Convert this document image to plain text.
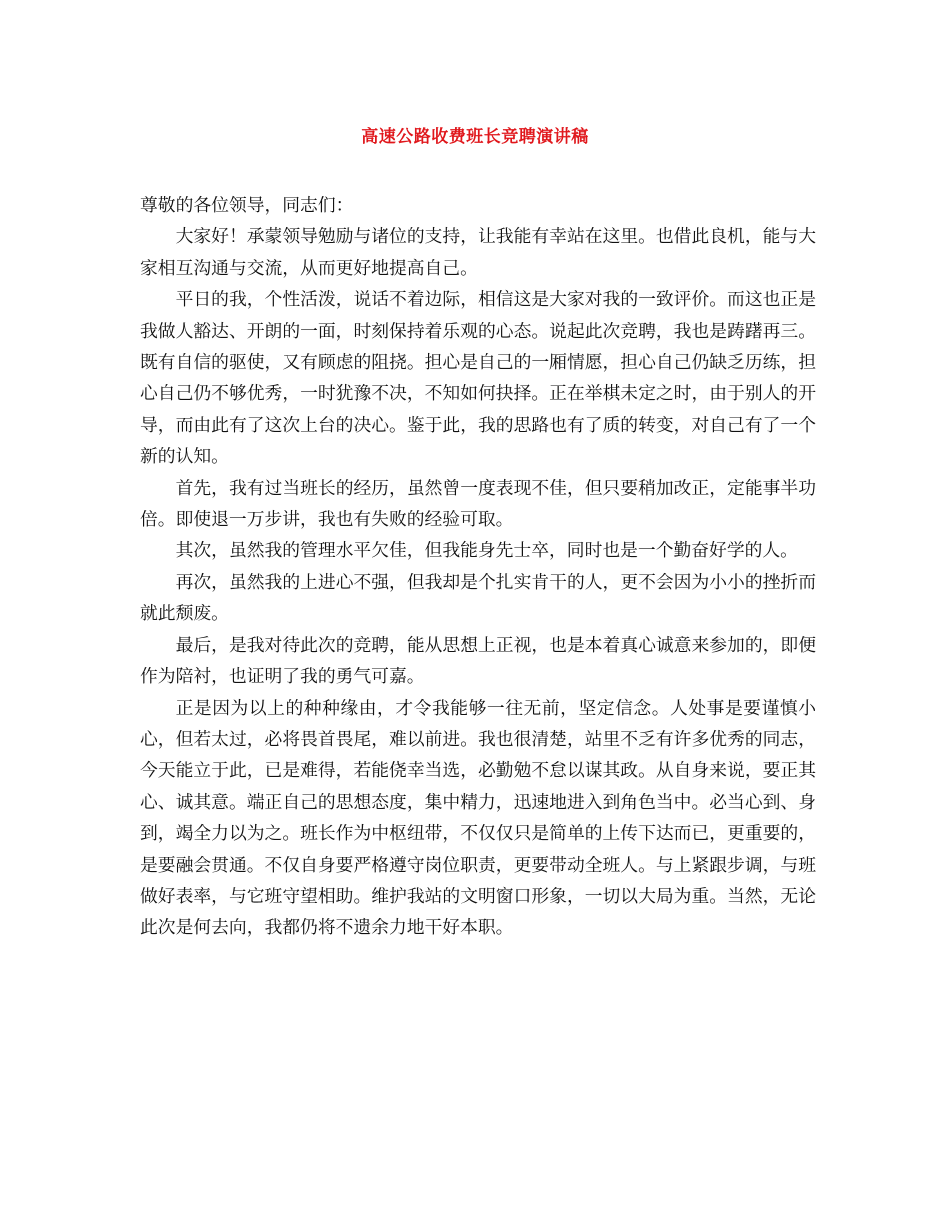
高速公路收费班长竞聘演讲稿

尊敬的各位领导，同志们：

大家好！承蒙领导勉励与诸位的支持，让我能有幸站在这里。也借此良机，能与大家相互沟通与交流，从而更好地提高自己。

平日的我，个性活泼，说话不着边际，相信这是大家对我的一致评价。而这也正是我做人豁达、开朗的一面，时刻保持着乐观的心态。说起此次竞聘，我也是踌躇再三。既有自信的驱使，又有顾虑的阻挠。担心是自己的一厢情愿，担心自己仍缺乏历练，担心自己仍不够优秀，一时犹豫不决，不知如何抉择。正在举棋未定之时，由于别人的开导，而由此有了这次上台的决心。鉴于此，我的思路也有了质的转变，对自己有了一个新的认知。

首先，我有过当班长的经历，虽然曾一度表现不佳，但只要稍加改正，定能事半功倍。即使退一万步讲，我也有失败的经验可取。

其次，虽然我的管理水平欠佳，但我能身先士卒，同时也是一个勤奋好学的人。

再次，虽然我的上进心不强，但我却是个扎实肯干的人，更不会因为小小的挫折而就此颓废。

最后，是我对待此次的竞聘，能从思想上正视，也是本着真心诚意来参加的，即便作为陪衬，也证明了我的勇气可嘉。

正是因为以上的种种缘由，才令我能够一往无前，坚定信念。人处事是要谨慎小心，但若太过，必将畏首畏尾，难以前进。我也很清楚，站里不乏有许多优秀的同志，今天能立于此，已是难得，若能侥幸当选，必勤勉不怠以谋其政。从自身来说，要正其心、诚其意。端正自己的思想态度，集中精力，迅速地进入到角色当中。必当心到、身到，竭全力以为之。班长作为中枢纽带，不仅仅只是简单的上传下达而已，更重要的，是要融会贯通。不仅自身要严格遵守岗位职责，更要带动全班人。与上紧跟步调，与班做好表率，与它班守望相助。维护我站的文明窗口形象，一切以大局为重。当然，无论此次是何去向，我都仍将不遗余力地干好本职。
